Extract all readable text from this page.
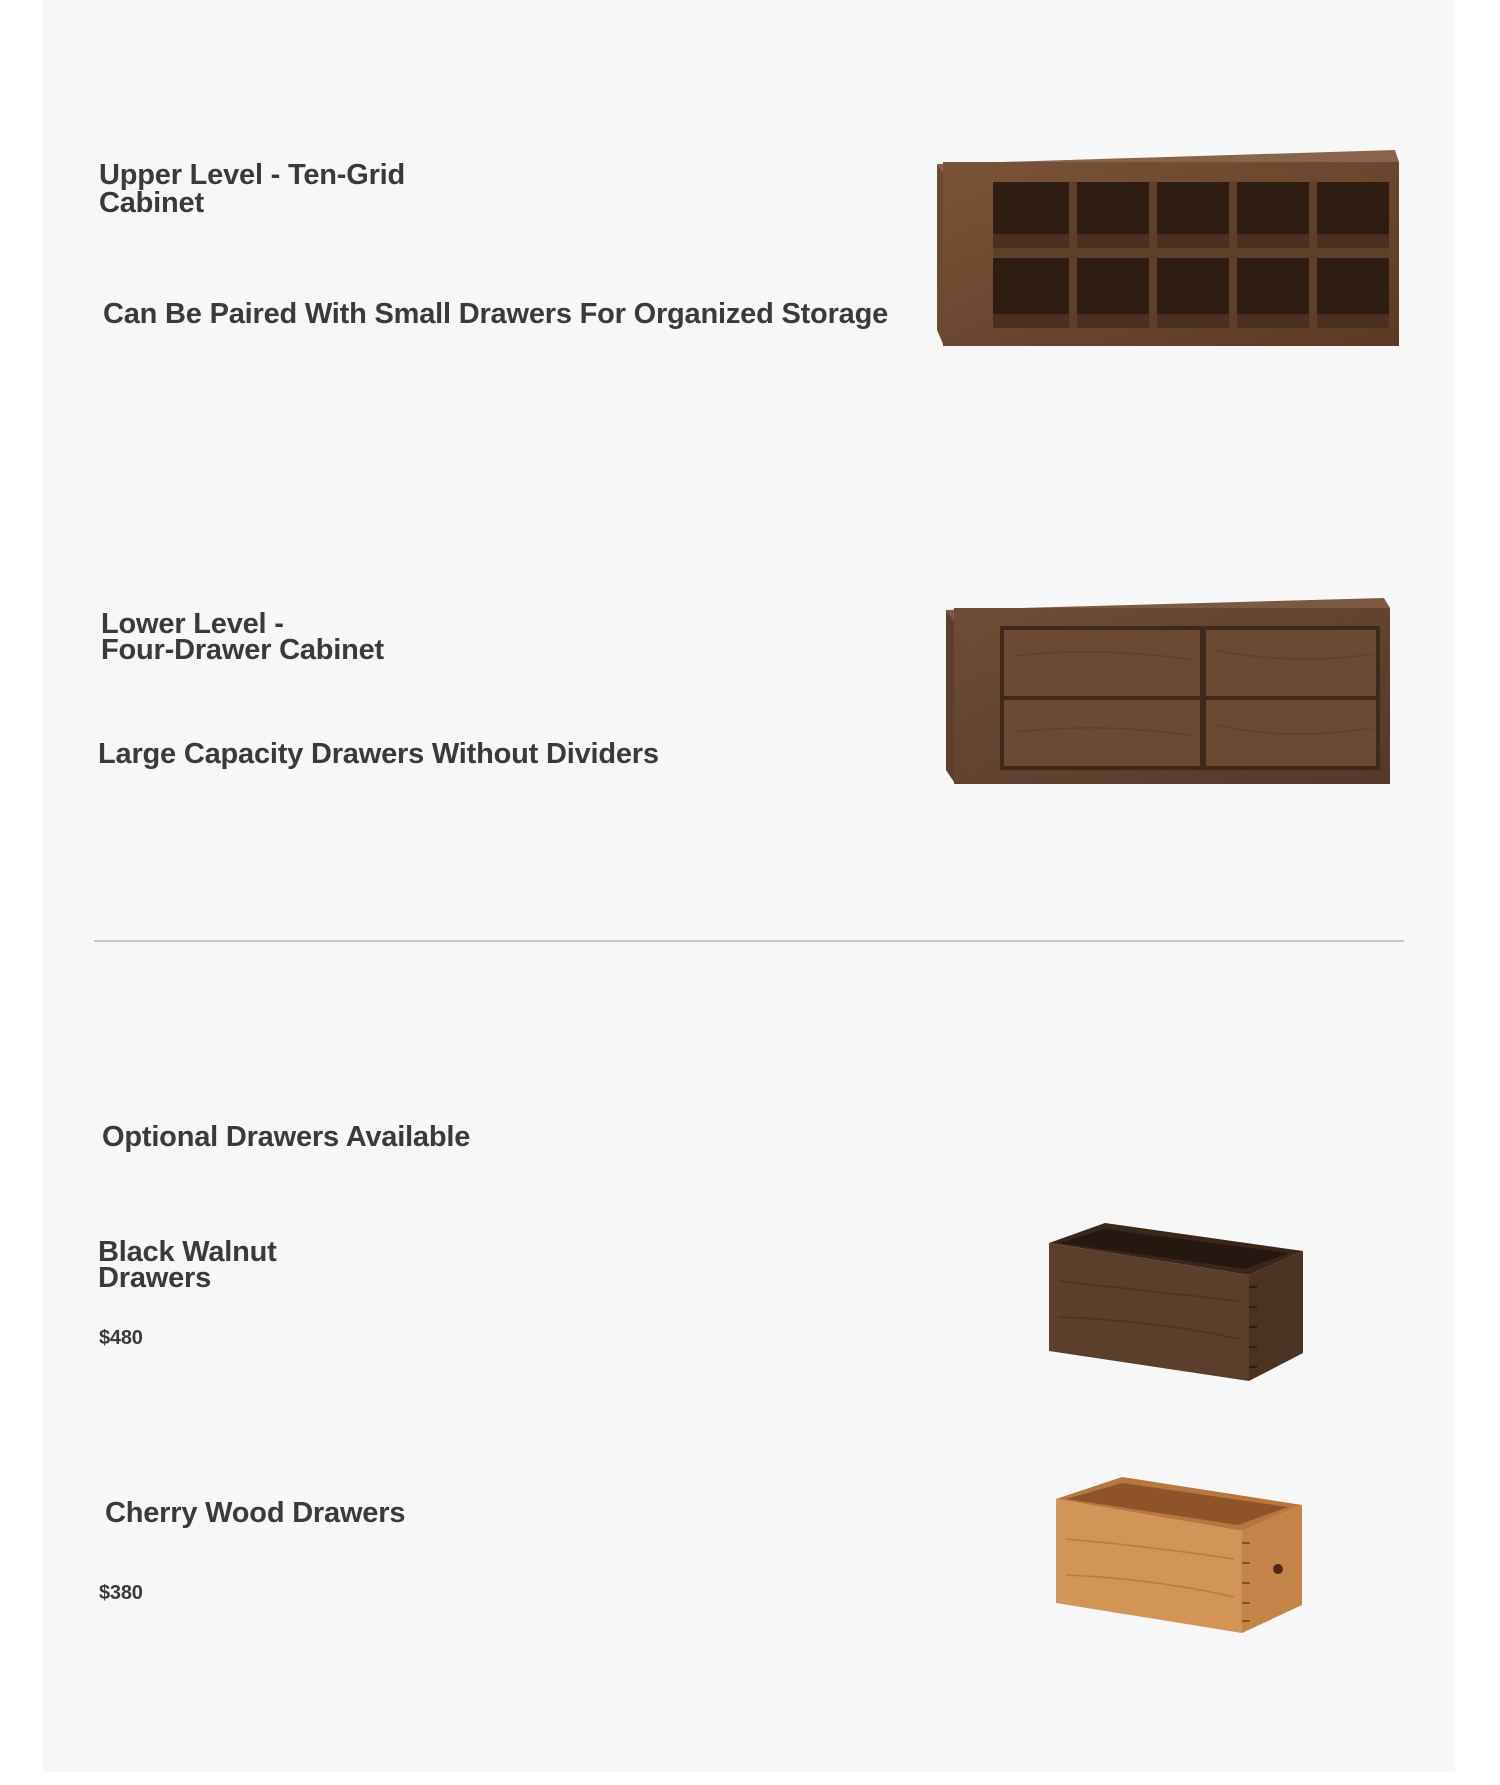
Upper Level - Ten-Grid
Cabinet

Can Be Paired With Small Drawers For Organized Storage

Lower Level -
Four-Drawer Cabinet

Large Capacity Drawers Without Dividers

Optional Drawers Available
Black Walnut
Drawers

$480

Cherry Wood Drawers

$380
